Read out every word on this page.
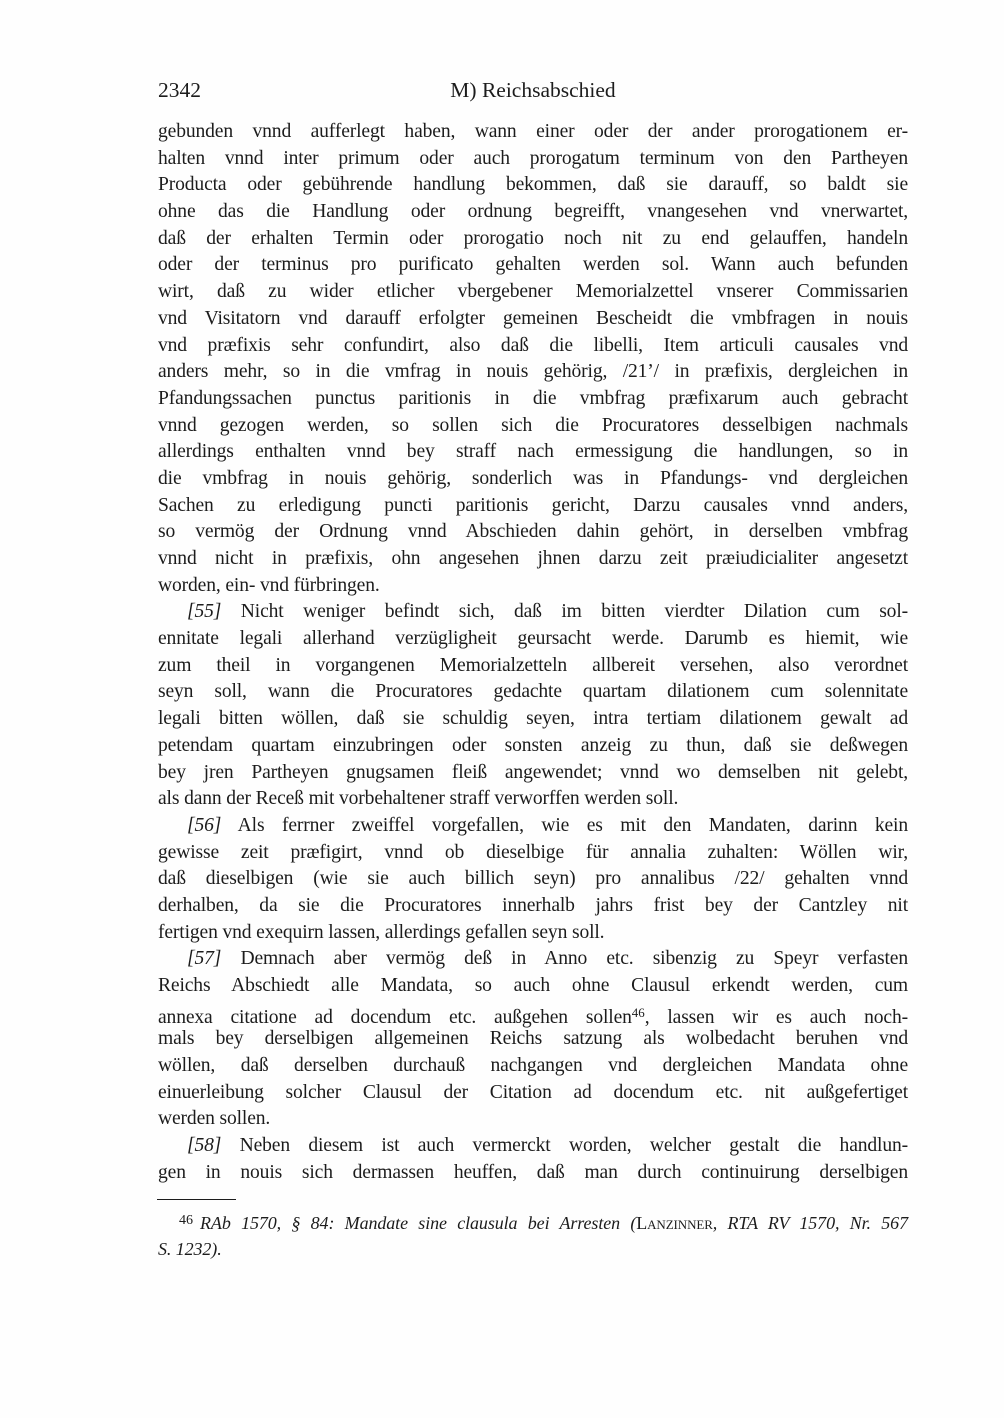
2342	M) Reichsabschied
gebunden vnnd aufferlegt haben, wann einer oder der ander prorogationem er-
halten vnnd inter primum oder auch prorogatum terminum von den Partheyen
Producta oder gebührende handlung bekommen, daß sie darauff, so baldt sie
ohne das die Handlung oder ordnung begreifft, vnangesehen vnd vnerwartet,
daß der erhalten Termin oder prorogatio noch nit zu end gelauffen, handeln
oder der terminus pro purificato gehalten werden sol. Wann auch befunden
wirt, daß zu wider etlicher vbergebener Memorialzettel vnserer Commissarien
vnd Visitatorn vnd darauff erfolgter gemeinen Bescheidt die vmbfragen in nouis
vnd præfixis sehr confundirt, also daß die libelli, Item articuli causales vnd
anders mehr, so in die vmfrag in nouis gehörig, /21’/ in præfixis, dergleichen in
Pfandungssachen punctus paritionis in die vmbfrag præfixarum auch gebracht
vnnd gezogen werden, so sollen sich die Procuratores desselbigen nachmals
allerdings enthalten vnnd bey straff nach ermessigung die handlungen, so in
die vmbfrag in nouis gehörig, sonderlich was in Pfandungs- vnd dergleichen
Sachen zu erledigung puncti paritionis gericht, Darzu causales vnnd anders,
so vermög der Ordnung vnnd Abschieden dahin gehört, in derselben vmbfrag
vnnd nicht in præfixis, ohn angesehen jhnen darzu zeit præiudicialiter angesetzt
worden, ein- vnd fürbringen.
[55] Nicht weniger befindt sich, daß im bitten vierdter Dilation cum sol-
ennitate legali allerhand verzügligheit geursacht werde. Darumb es hiemit, wie
zum theil in vorgangenen Memorialzetteln allbereit versehen, also verordnet
seyn soll, wann die Procuratores gedachte quartam dilationem cum solennitate
legali bitten wöllen, daß sie schuldig seyen, intra tertiam dilationem gewalt ad
petendam quartam einzubringen oder sonsten anzeig zu thun, daß sie deßwegen
bey jren Partheyen gnugsamen fleiß angewendet; vnnd wo demselben nit gelebt,
als dann der Receß mit vorbehaltener straff verworffen werden soll.
[56] Als ferrner zweiffel vorgefallen, wie es mit den Mandaten, darinn kein
gewisse zeit præfigirt, vnnd ob dieselbige für annalia zuhalten: Wöllen wir,
daß dieselbigen (wie sie auch billich seyn) pro annalibus /22/ gehalten vnnd
derhalben, da sie die Procuratores innerhalb jahrs frist bey der Cantzley nit
fertigen vnd exequirn lassen, allerdings gefallen seyn soll.
[57] Demnach aber vermög deß in Anno etc. sibenzig zu Speyr verfasten
Reichs Abschiedt alle Mandata, so auch ohne Clausul erkendt werden, cum
annexa citatione ad docendum etc. außgehen sollen$^{46}$, lassen wir es auch noch-
mals bey derselbigen allgemeinen Reichs satzung als wolbedacht beruhen vnd
wöllen, daß derselben durchauß nachgangen vnd dergleichen Mandata ohne
einuerleibung solcher Clausul der Citation ad docendum etc. nit außgefertiget
werden sollen.
[58] Neben diesem ist auch vermerckt worden, welcher gestalt die handlun-
gen in nouis sich dermassen heuffen, daß man durch continuirung derselbigen
$^{46}$ RAb 1570, § 84: Mandate sine clausula bei Arresten (Lanzinner, RTA RV 1570, Nr. 567
S. 1232).
